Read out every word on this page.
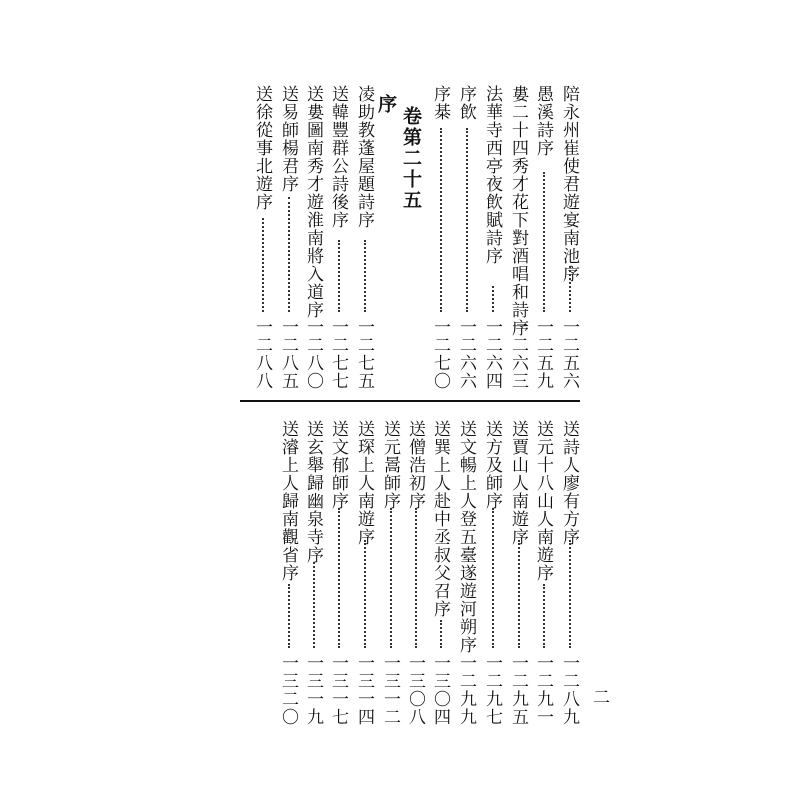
陪永州崔使君遊宴南池序
一二五六
愚溪詩序
一二五九
婁二十四秀才花下對酒唱和詩序
一二六三
法華寺西亭夜飲賦詩序
一二六四
序飲
一二六六
序棊
一二七〇
卷第二十五
序
凌助教蓬屋題詩序
一二七五
送韓豐群公詩後序
一二七七
送婁圖南秀才遊淮南將入道序
一二八〇
送易師楊君序
一二八五
送徐從事北遊序
一二八八
送詩人廖有方序
一二八九
送元十八山人南遊序
一二九一
送賈山人南遊序
一二九五
送方及師序
一二九七
送文暢上人登五臺遂遊河朔序
一二九九
送巽上人赴中丞叔父召序
一三〇四
送僧浩初序
一三〇八
送元暠師序
一三一二
送琛上人南遊序
一三一四
送文郁師序
一三一七
送玄舉歸幽泉寺序
一三一九
送濬上人歸南觀省序
一三二〇	二
